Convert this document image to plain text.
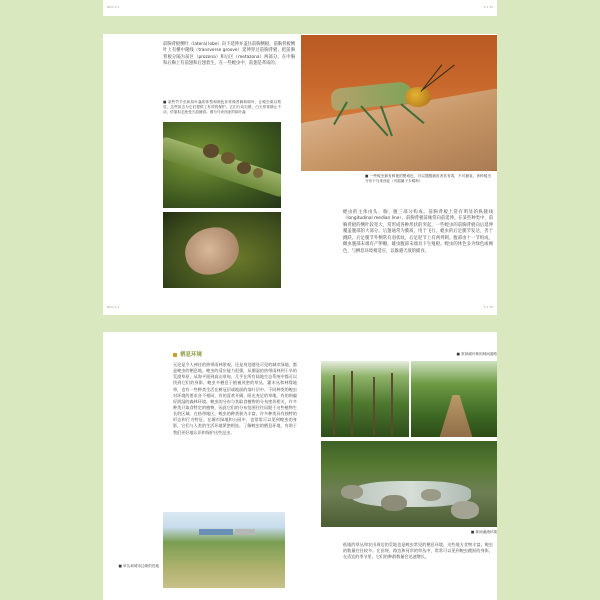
BUG 3.1	3.1 35
前胸背板侧叶（lateral lobe）向下延伸并盖住前胸侧板。前胸背板侧叶上有横中隆线（transverse groove）延伸穿过前胸背板，把前胸背板分隔为前区（prozona）和后区（metazona）两部分。在中胸和后胸上有前翅和后翅着生，在一些蝗虫中，前翅是革质的。
■ 某些竹节虫和拟叶螽的体型和颜色非常像苔藓和树叶，让蝗虫难以察觉，这些拟态为它们提供了有效的保护。它们行动迟缓，白天常常静止不动，依靠拟态免受天敌捕食。图为马来西亚的拟叶螽
■ 一些蝗虫拥有鲜艳的警戒色，可以提醒捕食者其有毒，不可捕食。该种蝗虫分布于马来西亚（可能属于卡蝗科）
蝗虫的主体由头、胸、腹三部分构成。前胸背板上常有明显的纵隆线（longitudinal median line），前胸背板前缘常向前延伸。在某些种类中，前胸背板的侧叶较宽大，常形成各种形状的突起。一些蝗虫的前胸背板向后延伸覆盖腹部的大部分。后翅通常为膜质，用于飞行。蝗虫的后足腿节发达，善于跳跃。后足腿节外侧常有羽状纹，后足胫节上有两列刺。腹部由十一节组成，雌虫腹部末端有产卵瓣，雄虫腹部末端具下生殖板。蝗虫的体色多为绿色或褐色，与栖息环境相适应，以躲避天敌的捕食。
BUG 3.1	3.1 35
栖息环境
无论是令人神往的热带雨林景观，还是身边随处可见的城市绿地，都是蝗虫的栖息地。蝗虫的适应能力很强，从潮湿的热带雨林到干旱的荒漠草原，从海平面到高山草甸，几乎在所有陆地生态系统中都可以找到它们的身影。蝗虫多栖息于植被茂密的草丛、灌木丛和林缘地带，也有一些种类生活在树冠层或地面的落叶层中。不同种类的蝗虫对环境的要求各不相同，有的喜欢开阔、阳光充足的草地，有的则偏好阴湿的森林环境。蝗虫的分布与其取食植物的分布密切相关，许多种类只取食特定的植物，因此它们的分布范围往往局限于这些植物生长的区域。在热带地区，蝗虫的种类极为丰富，许多种类具有独特的形态和行为特征。在城市绿地和公园中，也常常可以见到蝗虫的身影，它们与人类的生活环境紧密相连。了解蝗虫的栖息环境，有助于我们更好地认识和保护这些昆虫。
■ 常绿阔叶林和林间道路
■ 林间溪流环境
■ 草丛和城市边缘的荒地
低矮的草丛和农田周边的荒地也是蝗虫常见的栖息环境，这些地方食物丰富，蝗虫的数量往往较多。在田埂、路边和河岸的草丛中，常常可以见到蝗虫跳跃的身影，在适宜的季节里，它们的种群数量会迅速增长。
